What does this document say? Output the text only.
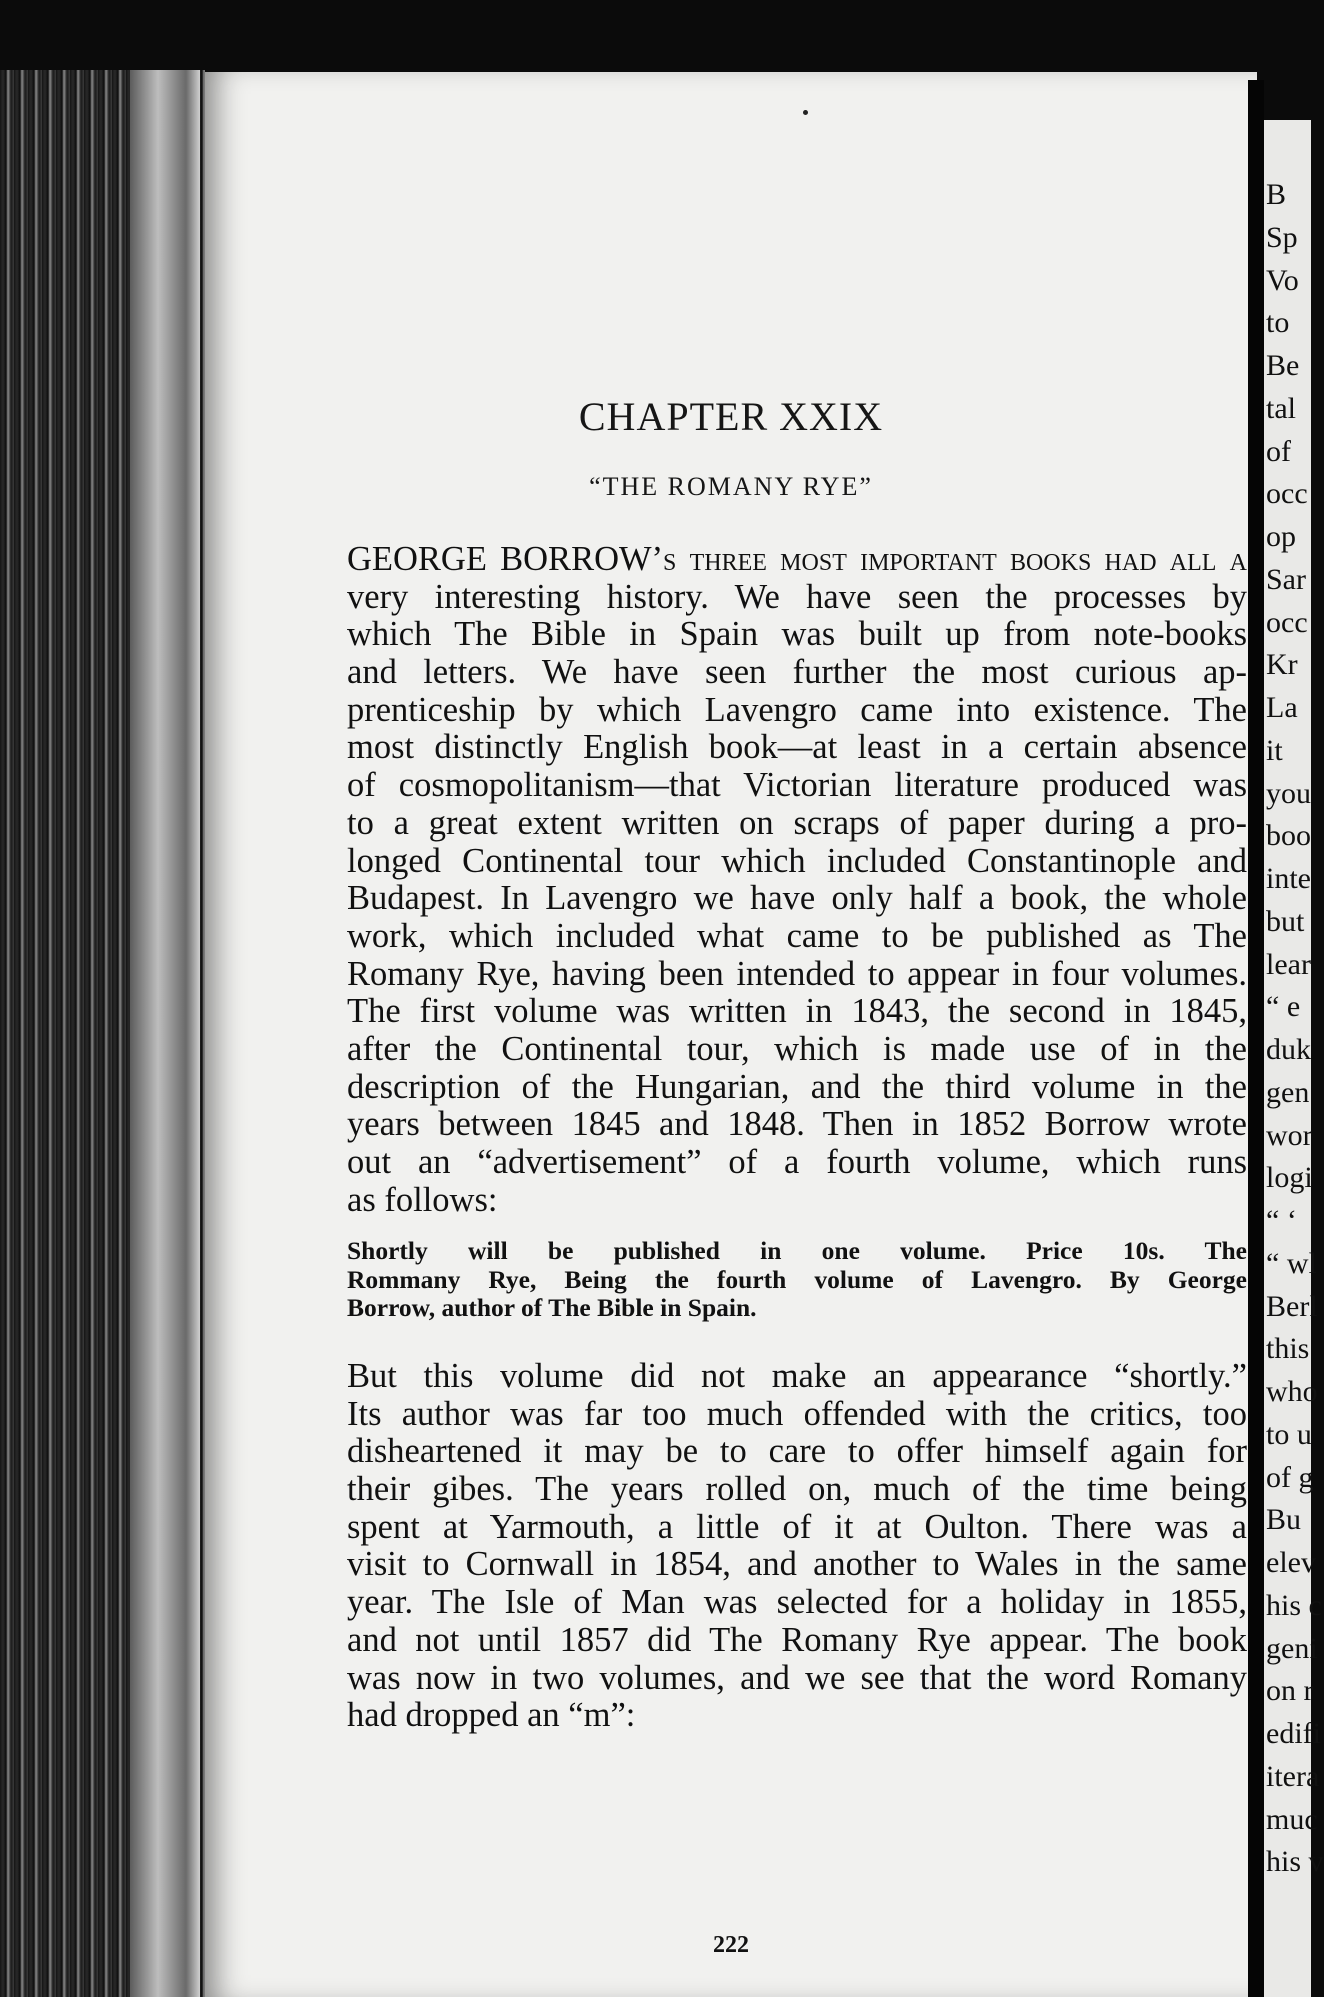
B
Sp
Vo
to
Be
tal
of
occ
op
Sar
occ
Kr
La
it
you
boo
inte
but
lear
“ e
duk
gen
wor
logi
“ ‘
“ wl
Berl
this
who
to u
of g
Bu
elev
his c
geni
on r
edifi
itera
muc
his v
CHAPTER XXIX
“THE ROMANY RYE”
GEORGE BORROW’s three most important books had all a
very interesting history. We have seen the processes by
which The Bible in Spain was built up from note-books
and letters. We have seen further the most curious ap-
prenticeship by which Lavengro came into existence. The
most distinctly English book—at least in a certain absence
of cosmopolitanism—that Victorian literature produced was
to a great extent written on scraps of paper during a pro-
longed Continental tour which included Constantinople and
Budapest. In Lavengro we have only half a book, the whole
work, which included what came to be published as The
Romany Rye, having been intended to appear in four volumes.
The first volume was written in 1843, the second in 1845,
after the Continental tour, which is made use of in the
description of the Hungarian, and the third volume in the
years between 1845 and 1848. Then in 1852 Borrow wrote
out an “advertisement” of a fourth volume, which runs
as follows:
Shortly will be published in one volume. Price 10s. The
Rommany Rye, Being the fourth volume of Lavengro. By George
Borrow, author of The Bible in Spain.
But this volume did not make an appearance “shortly.”
Its author was far too much offended with the critics, too
disheartened it may be to care to offer himself again for
their gibes. The years rolled on, much of the time being
spent at Yarmouth, a little of it at Oulton. There was a
visit to Cornwall in 1854, and another to Wales in the same
year. The Isle of Man was selected for a holiday in 1855,
and not until 1857 did The Romany Rye appear. The book
was now in two volumes, and we see that the word Romany
had dropped an “m”:
222
